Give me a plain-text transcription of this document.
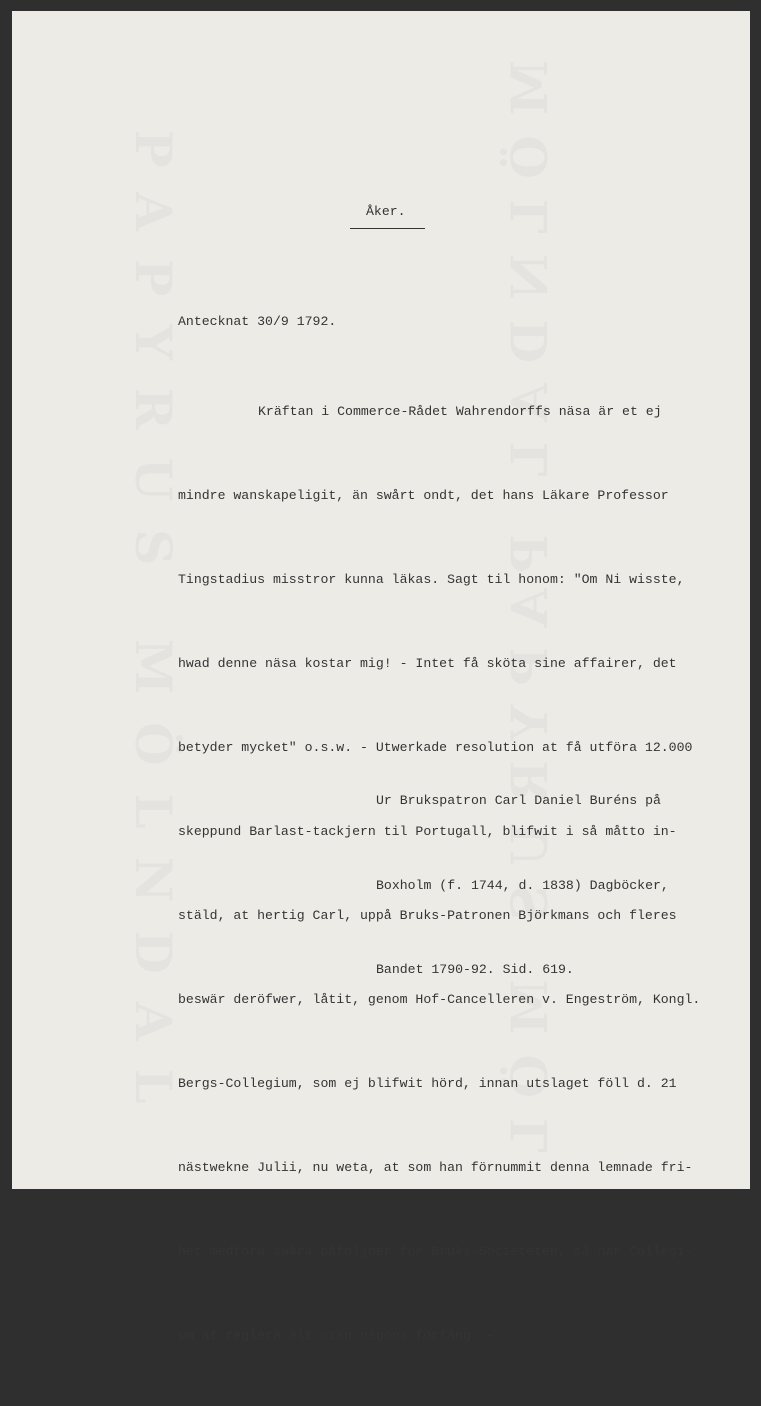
Åker.
Antecknat 30/9 1792.

Kräftan i Commerce-Rådet Wahrendorffs näsa är et ej

mindre wanskapeligit, än swårt ondt, det hans Läkare Professor

Tingstadius misstror kunna läkas. Sagt til honom: "Om Ni wisste,

hwad denne näsa kostar mig! - Intet få sköta sine affairer, det

betyder mycket" o.s.w. - Utwerkade resolution at få utföra 12.000

skeppund Barlast-tackjern til Portugall, blifwit i så måtto in-

stäld, at hertig Carl, uppå Bruks-Patronen Björkmans och fleres

beswär deröfwer, låtit, genom Hof-Cancelleren v. Engeström, Kongl.

Bergs-Collegium, som ej blifwit hörd, innan utslaget föll d. 21

nästwekne Julii, nu weta, at som han förnummit denna lemnade fri-

het medföra swåra påföljder för Bruks-Societeten, så har Collegi-

um at reglera alt utan någons förfång. -

Ur Brukspatron Carl Daniel Buréns på

Boxholm (f. 1744, d. 1838) Dagböcker,

Bandet 1790-92. Sid. 619.
